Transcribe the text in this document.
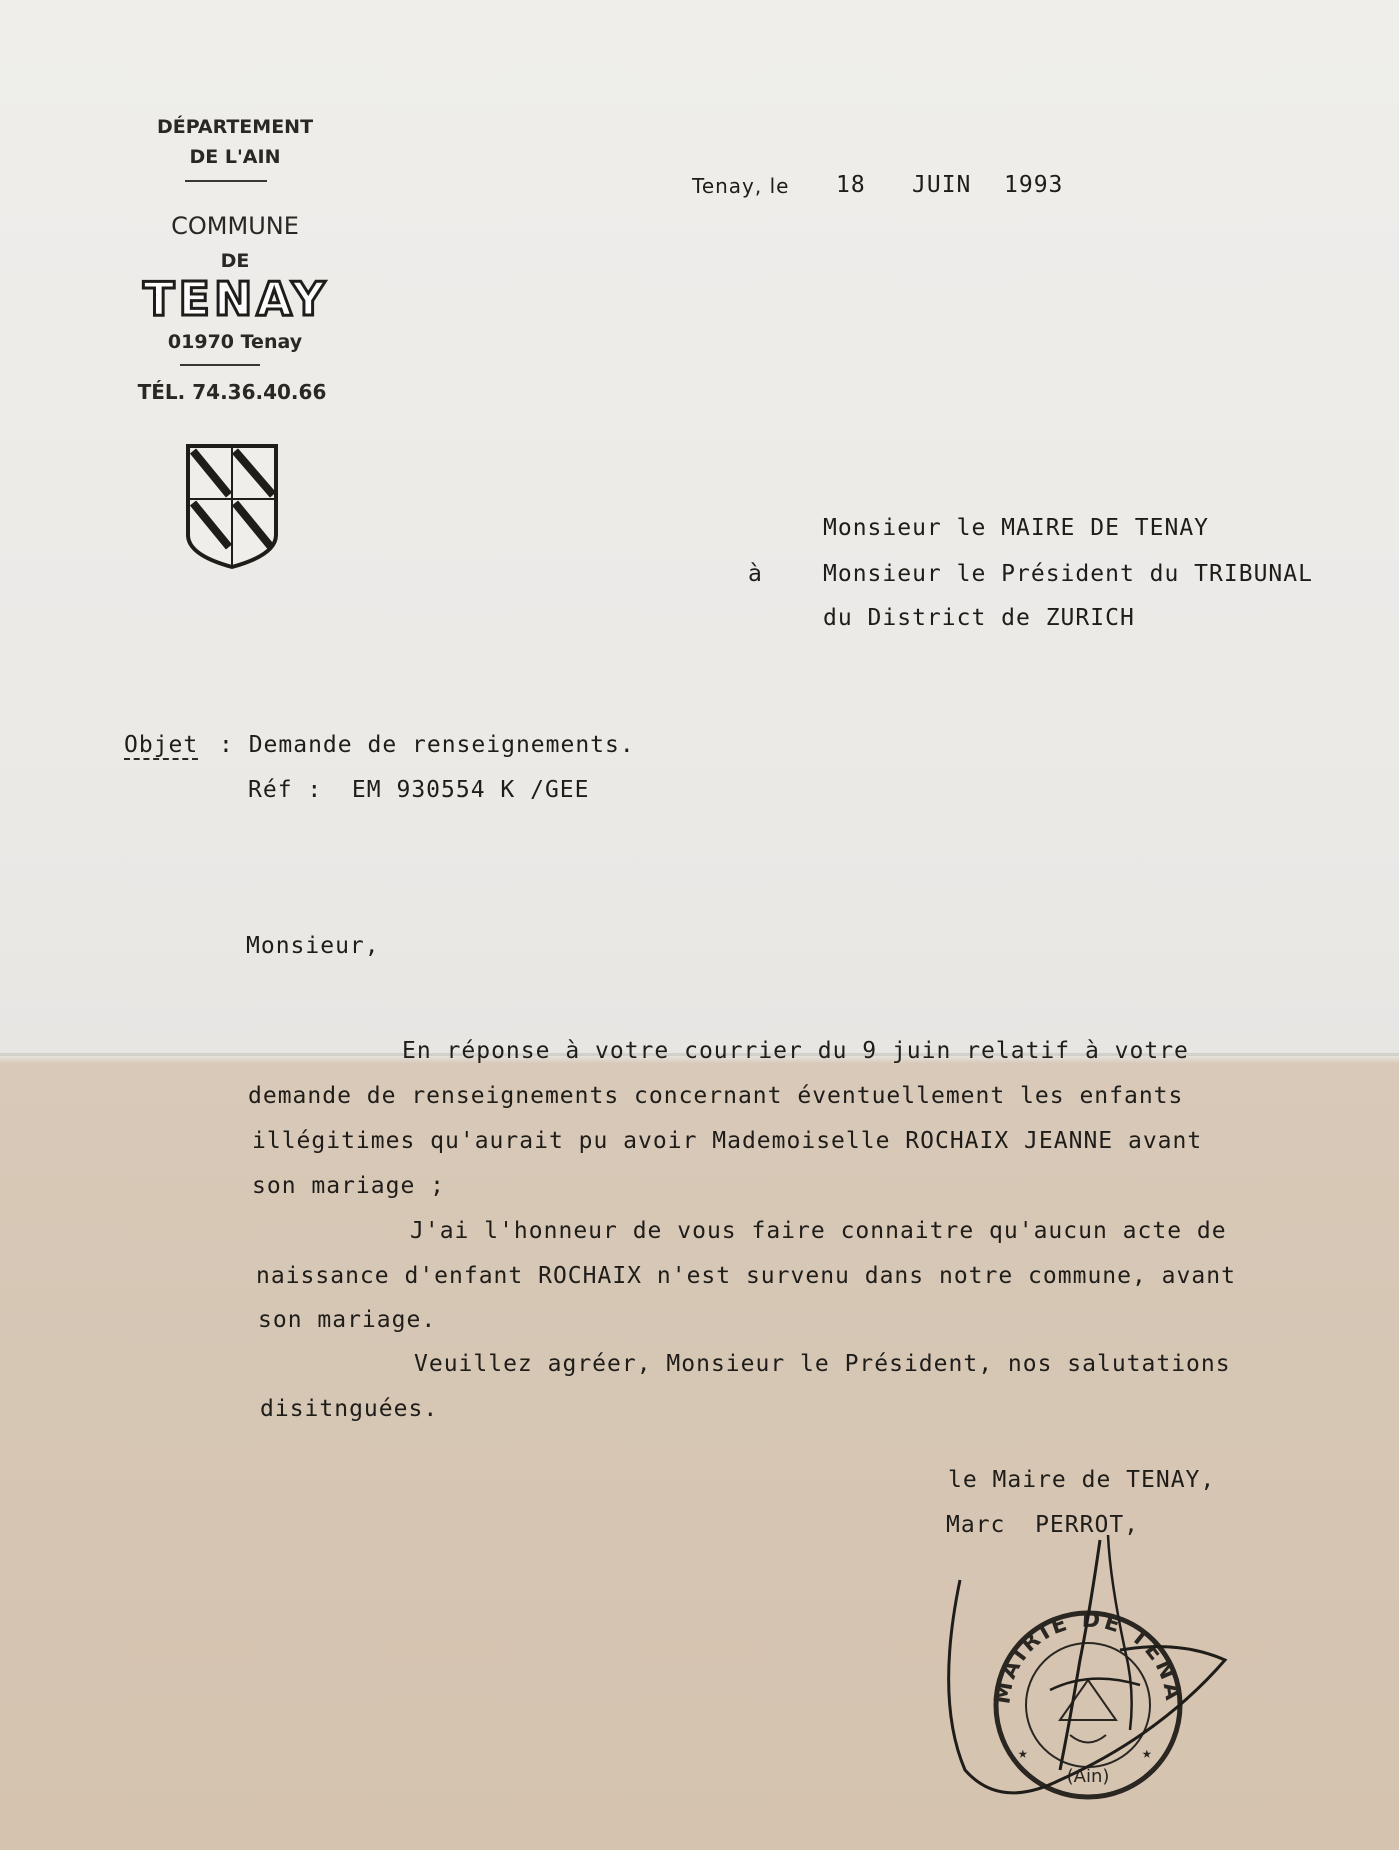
DÉPARTEMENT
DE L'AIN
COMMUNE
DE
TENAY
01970 Tenay
TÉL. 74.36.40.66
Tenay, le 18 JUIN 1993
Monsieur le MAIRE DE TENAY
à	Monsieur le Président du TRIBUNAL
du District de ZURICH
Objet : Demande de renseignements.
Réf :  EM 930554 K /GEE
Monsieur,
En réponse à votre courrier du 9 juin relatif à votre
demande de renseignements concernant éventuellement les enfants
illégitimes qu'aurait pu avoir Mademoiselle ROCHAIX JEANNE avant
son mariage ;
J'ai l'honneur de vous faire connaitre qu'aucun acte de
naissance d'enfant ROCHAIX n'est survenu dans notre commune, avant
son mariage.
Veuillez agréer, Monsieur le Président, nos salutations
disitnguées.
le Maire de TENAY,
Marc  PERROT,
MAIRIE DE TENA
(Ain)
★	★
